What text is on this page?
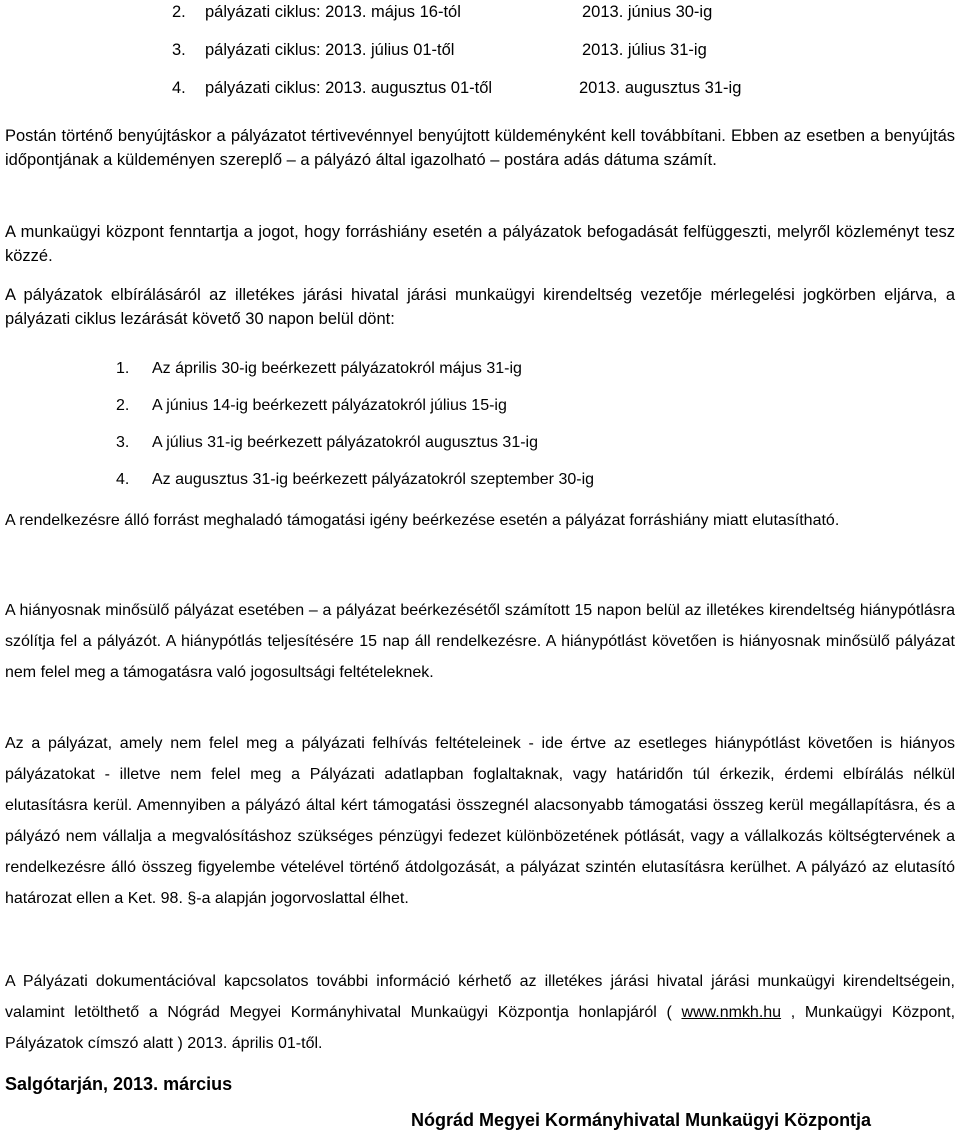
2. pályázati ciklus: 2013. május 16-tól	2013. június 30-ig
3. pályázati ciklus: 2013. július 01-től	2013. július 31-ig
4. pályázati ciklus: 2013. augusztus 01-től	2013. augusztus 31-ig

Postán történő benyújtáskor a pályázatot tértivevénnyel benyújtott küldeményként kell továbbítani. Ebben az esetben a benyújtás időpontjának a küldeményen szereplő – a pályázó által igazolható – postára adás dátuma számít.

A munkaügyi központ fenntartja a jogot, hogy forráshiány esetén a pályázatok befogadását felfüggeszti, melyről közleményt tesz közzé.

A pályázatok elbírálásáról az illetékes járási hivatal járási munkaügyi kirendeltség vezetője mérlegelési jogkörben eljárva, a pályázati ciklus lezárását követő 30 napon belül dönt:

1. Az április 30-ig beérkezett pályázatokról május 31-ig
2. A június 14-ig beérkezett pályázatokról július 15-ig
3. A július 31-ig beérkezett pályázatokról augusztus 31-ig
4. Az augusztus 31-ig beérkezett pályázatokról szeptember 30-ig

A rendelkezésre álló forrást meghaladó támogatási igény beérkezése esetén a pályázat forráshiány miatt elutasítható.

A hiányosnak minősülő pályázat esetében – a pályázat beérkezésétől számított 15 napon belül az illetékes kirendeltség hiánypótlásra szólítja fel a pályázót. A hiánypótlás teljesítésére 15 nap áll rendelkezésre. A hiánypótlást követően is hiányosnak minősülő pályázat nem felel meg a támogatásra való jogosultsági feltételeknek.

Az a pályázat, amely nem felel meg a pályázati felhívás feltételeinek - ide értve az esetleges hiánypótlást követően is hiányos pályázatokat - illetve nem felel meg a Pályázati adatlapban foglaltaknak, vagy határidőn túl érkezik, érdemi elbírálás nélkül elutasításra kerül. Amennyiben a pályázó által kért támogatási összegnél alacsonyabb támogatási összeg kerül megállapításra, és a pályázó nem vállalja a megvalósításhoz szükséges pénzügyi fedezet különbözetének pótlását, vagy a vállalkozás költségtervének a rendelkezésre álló összeg figyelembe vételével történő átdolgozását, a pályázat szintén elutasításra kerülhet. A pályázó az elutasító határozat ellen a Ket. 98. §-a alapján jogorvoslattal élhet.

A Pályázati dokumentációval kapcsolatos további információ kérhető az illetékes járási hivatal járási munkaügyi kirendeltségein, valamint letölthető a Nógrád Megyei Kormányhivatal Munkaügyi Központja honlapjáról ( www.nmkh.hu , Munkaügyi Központ, Pályázatok címszó alatt ) 2013. április 01-től.

Salgótarján, 2013. március
Nógrád Megyei Kormányhivatal Munkaügyi Központja
